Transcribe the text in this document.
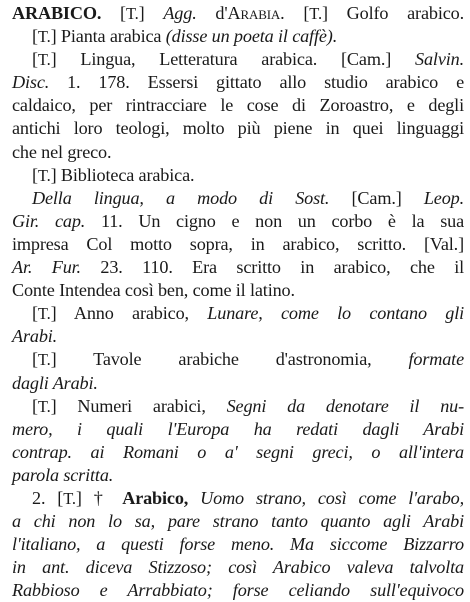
ARABICO. [T.] Agg. d'Arabia. [T.] Golfo arabico.
[T.] Pianta arabica (disse un poeta il caffè).
[T.] Lingua, Letteratura arabica. [Cam.] Salvin.
Disc. 1. 178. Essersi gittato allo studio arabico e
caldaico, per rintracciare le cose di Zoroastro, e degli
antichi loro teologi, molto più piene in quei linguaggi
che nel greco.
[T.] Biblioteca arabica.
Della lingua, a modo di Sost. [Cam.] Leop.
Gir. cap. 11. Un cigno e non un corbo è la sua
impresa Col motto sopra, in arabico, scritto. [Val.]
Ar. Fur. 23. 110. Era scritto in arabico, che il
Conte Intendea così ben, come il latino.
[T.] Anno arabico, Lunare, come lo contano gli
Arabi.
[T.] Tavole arabiche d'astronomia, formate
dagli Arabi.
[T.] Numeri arabici, Segni da denotare il nu-
mero, i quali l'Europa ha redati dagli Arabi
contrap. ai Romani o a' segni greci, o all'intera
parola scritta.
2. [T.] † Arabico, Uomo strano, così come l'arabo,
a chi non lo sa, pare strano tanto quanto agli Arabi
l'italiano, a questi forse meno. Ma siccome Bizzarro
in ant. diceva Stizzoso; così Arabico valeva talvolta
Rabbioso e Arrabbiato; forse celiando sull'equivoco
